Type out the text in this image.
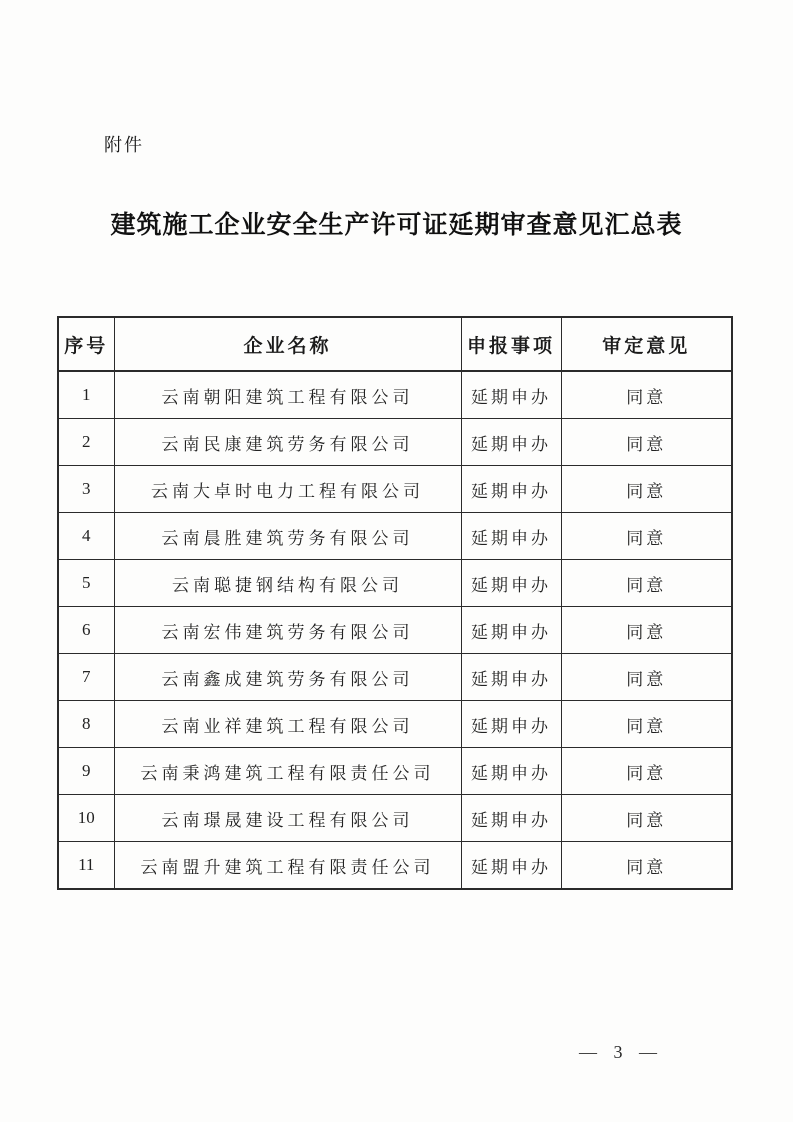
附件
建筑施工企业安全生产许可证延期审查意见汇总表
序号	企业名称	申报事项	审定意见
1	云南朝阳建筑工程有限公司	延期申办	同意
2	云南民康建筑劳务有限公司	延期申办	同意
3	云南大卓时电力工程有限公司	延期申办	同意
4	云南晨胜建筑劳务有限公司	延期申办	同意
5	云南聪捷钢结构有限公司	延期申办	同意
6	云南宏伟建筑劳务有限公司	延期申办	同意
7	云南鑫成建筑劳务有限公司	延期申办	同意
8	云南业祥建筑工程有限公司	延期申办	同意
9	云南秉鸿建筑工程有限责任公司	延期申办	同意
10	云南璟晟建设工程有限公司	延期申办	同意
11	云南盟升建筑工程有限责任公司	延期申办	同意
— 3 —
